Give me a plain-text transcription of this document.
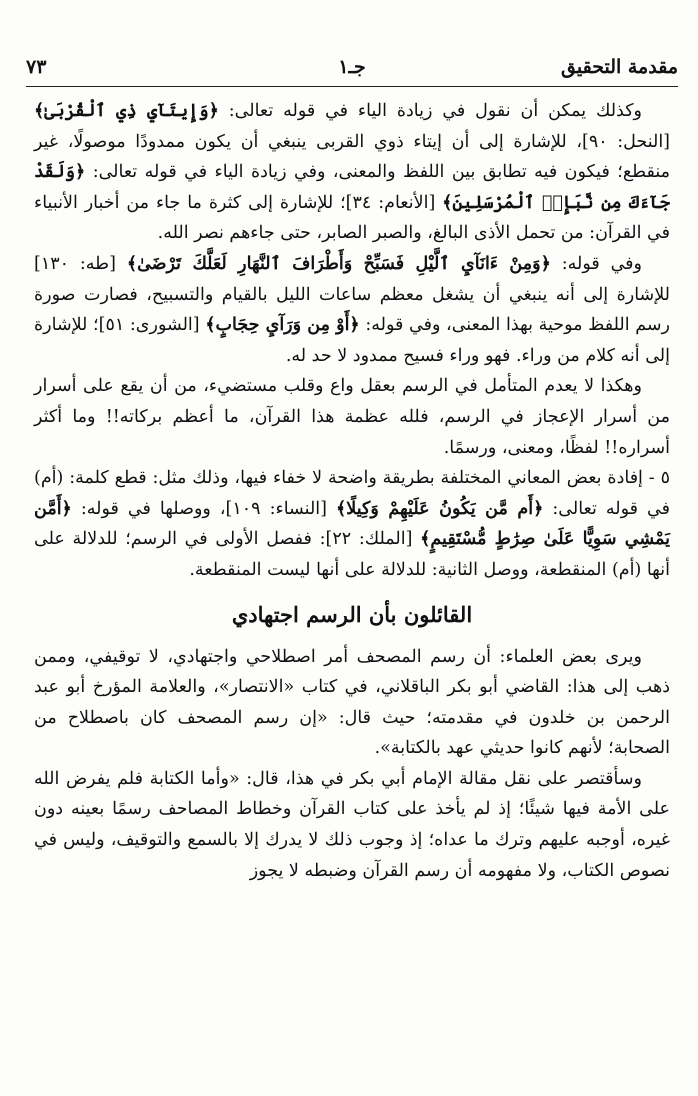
مقدمة التحقيق
جـ١
٧٣

وكذلك يمكن أن نقول في زيادة الياء في قوله تعالى: ﴿وَإِيتَآيِ ذِي ٱلْقُرْبَىٰ﴾ [النحل: ٩٠]، للإشارة إلى أن إيتاء ذوي القربى ينبغي أن يكون ممدودًا موصولًا، غير منقطع؛ فيكون فيه تطابق بين اللفظ والمعنى، وفي زيادة الياء في قوله تعالى: ﴿وَلَقَدْ جَآءَكَ مِن نَّبَإِي۟ ٱلْمُرْسَلِينَ﴾ [الأنعام: ٣٤]؛ للإشارة إلى كثرة ما جاء من أخبار الأنبياء في القرآن: من تحمل الأذى البالغ، والصبر الصابر، حتى جاءهم نصر الله.

وفي قوله: ﴿وَمِنْ ءَانَآيِ ٱلَّيْلِ فَسَبِّحْ وَأَطْرَافَ ٱلنَّهَارِ لَعَلَّكَ تَرْضَىٰ﴾ [طه: ١٣٠] للإشارة إلى أنه ينبغي أن يشغل معظم ساعات الليل بالقيام والتسبيح، فصارت صورة رسم اللفظ موحية بهذا المعنى، وفي قوله: ﴿أَوْ مِن وَرَآيِ حِجَابٍ﴾ [الشورى: ٥١]؛ للإشارة إلى أنه كلام من وراء. فهو وراء فسيح ممدود لا حد له.

وهكذا لا يعدم المتأمل في الرسم بعقل واع وقلب مستضيء، من أن يقع على أسرار من أسرار الإعجاز في الرسم، فلله عظمة هذا القرآن، ما أعظم بركاته!! وما أكثر أسراره!! لفظًا، ومعنى، ورسمًا.

٥ - إفادة بعض المعاني المختلفة بطريقة واضحة لا خفاء فيها، وذلك مثل: قطع كلمة: (أم) في قوله تعالى: ﴿أَم مَّن يَكُونُ عَلَيْهِمْ وَكِيلًا﴾ [النساء: ١٠٩]، ووصلها في قوله: ﴿أَمَّن يَمْشِي سَوِيًّا عَلَىٰ صِرَٰطٍ مُّسْتَقِيمٍ﴾ [الملك: ٢٢]: ففصل الأولى في الرسم؛ للدلالة على أنها (أم) المنقطعة، ووصل الثانية: للدلالة على أنها ليست المنقطعة.

القائلون بأن الرسم اجتهادي

ويرى بعض العلماء: أن رسم المصحف أمر اصطلاحي واجتهادي، لا توقيفي، وممن ذهب إلى هذا: القاضي أبو بكر الباقلاني، في كتاب «الانتصار»، والعلامة المؤرخ أبو عبد الرحمن بن خلدون في مقدمته؛ حيث قال: «إن رسم المصحف كان باصطلاح من الصحابة؛ لأنهم كانوا حديثي عهد بالكتابة».

وسأقتصر على نقل مقالة الإمام أبي بكر في هذا، قال: «وأما الكتابة فلم يفرض الله على الأمة فيها شيئًا؛ إذ لم يأخذ على كتاب القرآن وخطاط المصاحف رسمًا بعينه دون غيره، أوجبه عليهم وترك ما عداه؛ إذ وجوب ذلك لا يدرك إلا بالسمع والتوقيف، وليس في نصوص الكتاب، ولا مفهومه أن رسم القرآن وضبطه لا يجوز
